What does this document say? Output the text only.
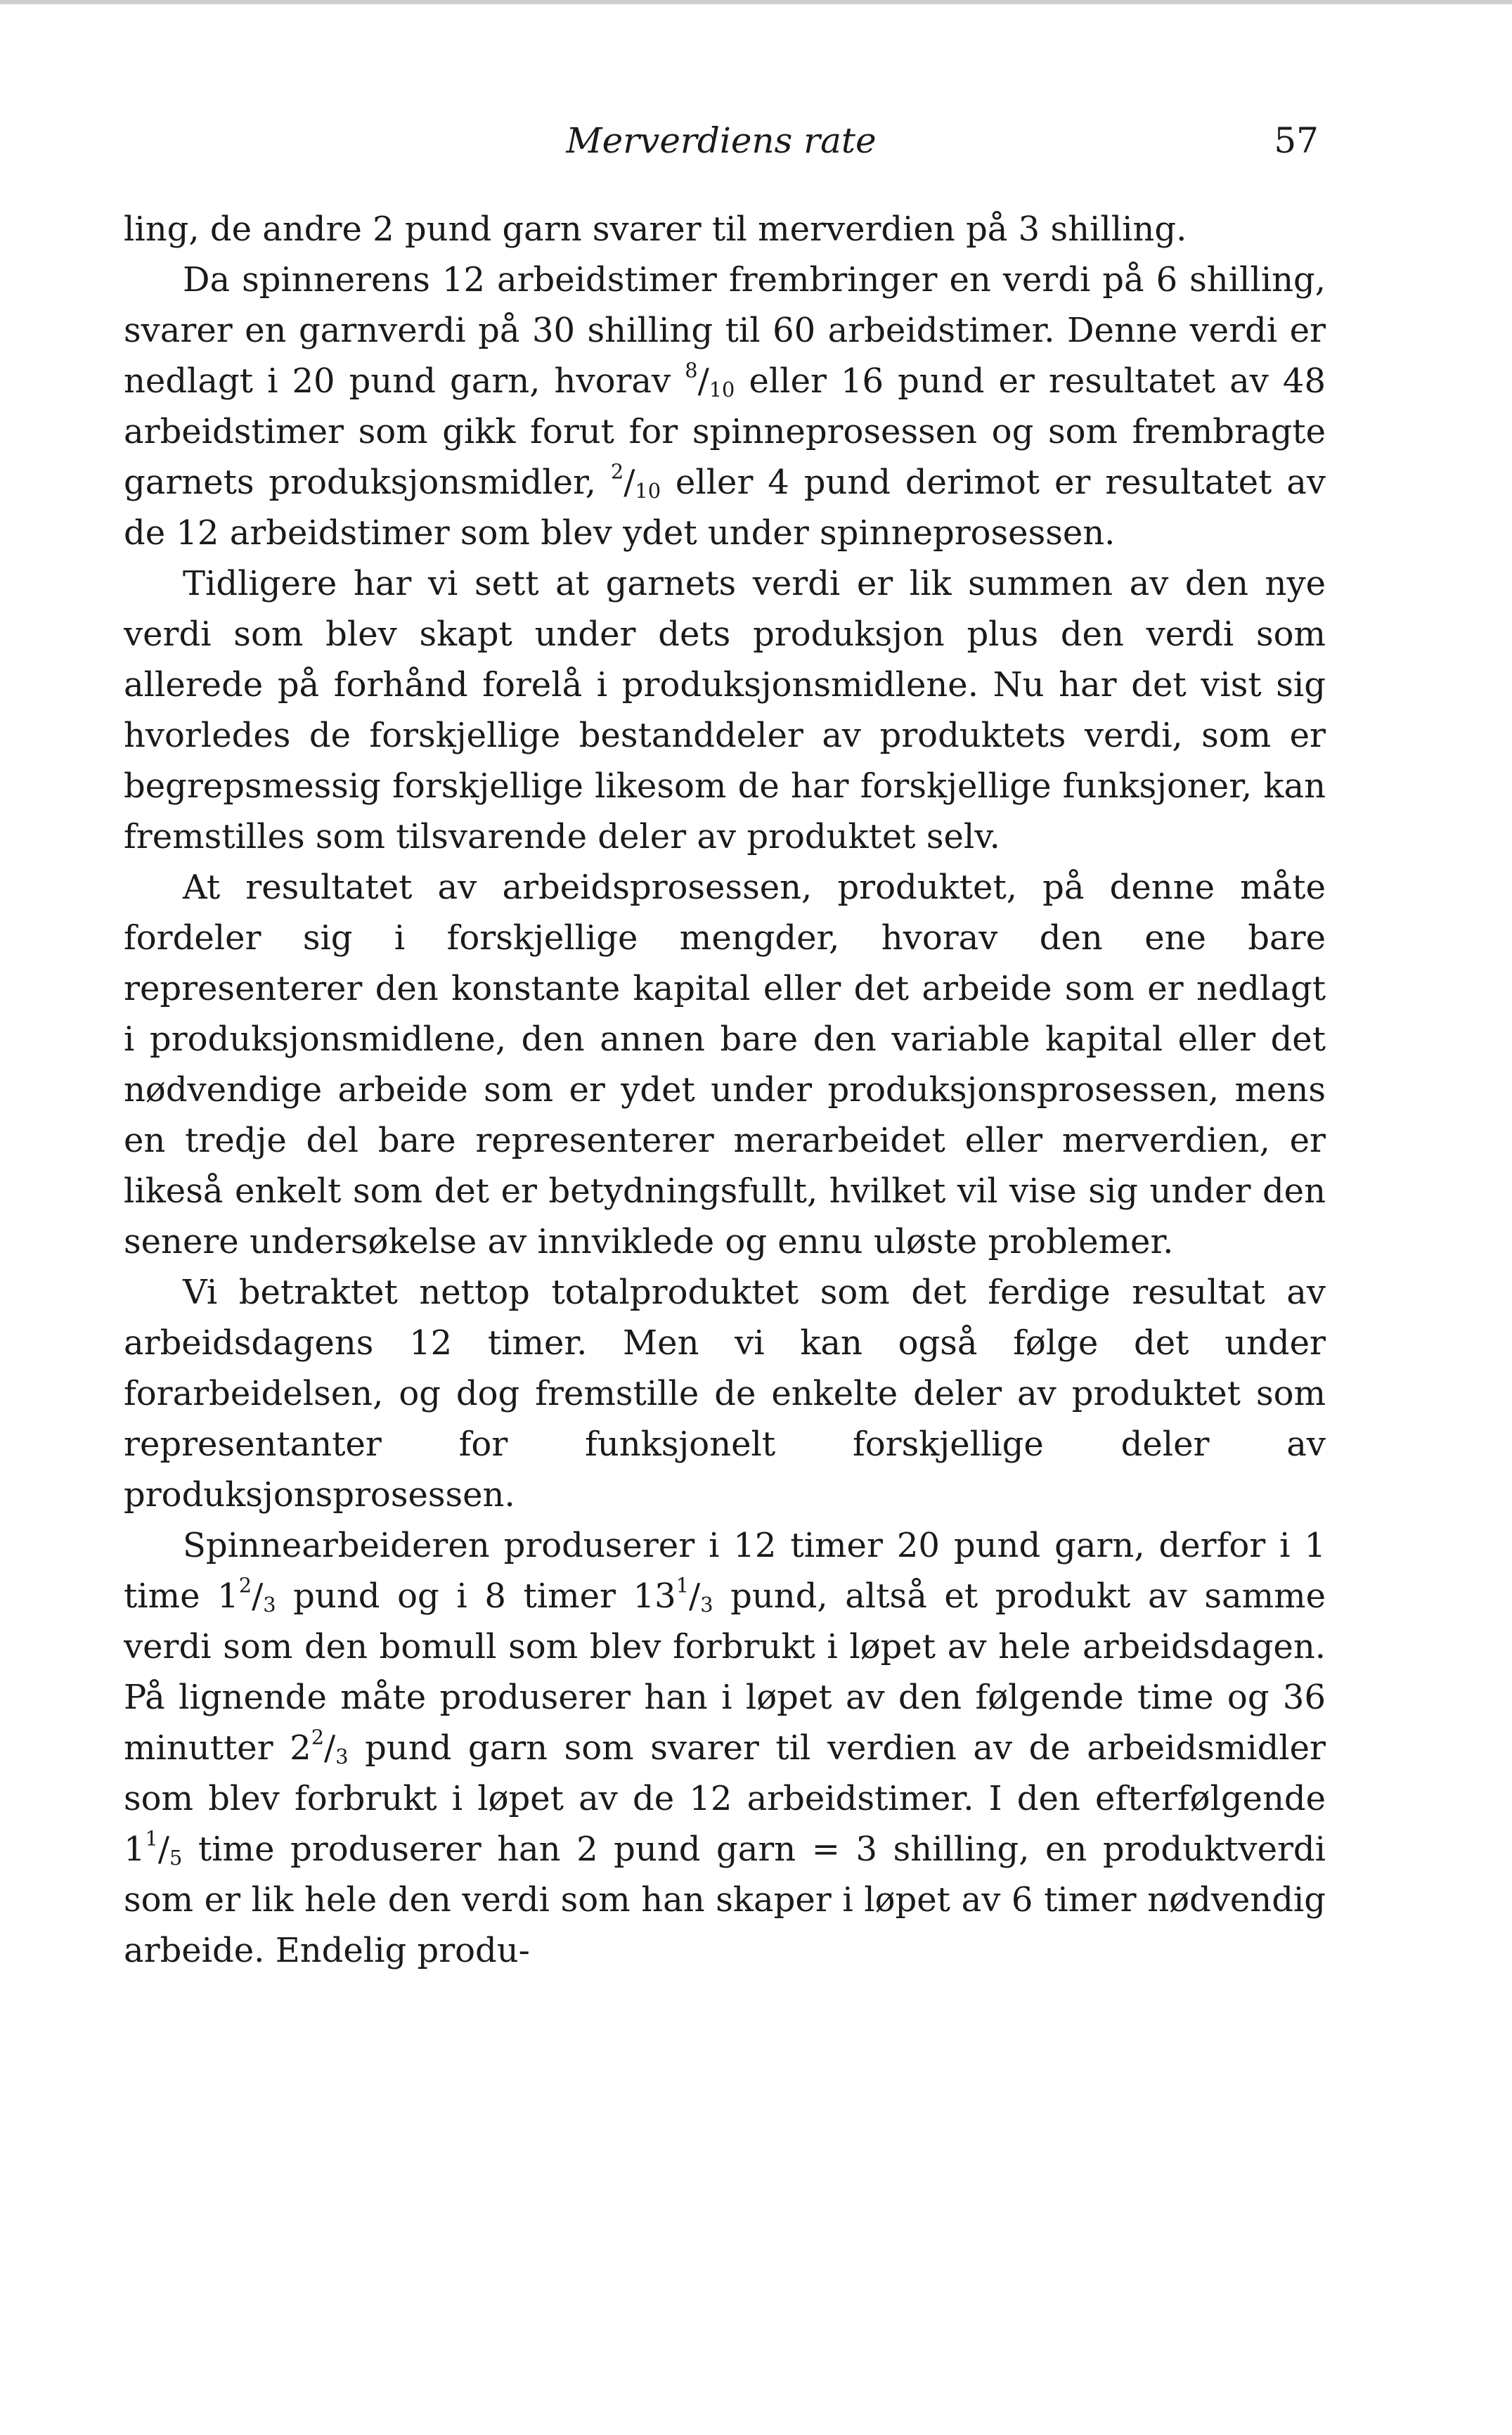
Merverdiens rate	57

ling, de andre 2 pund garn svarer til merverdien på 3 shilling.

Da spinnerens 12 arbeidstimer frembringer en verdi på 6 shilling, svarer en garnverdi på 30 shilling til 60 arbeidstimer. Denne verdi er nedlagt i 20 pund garn, hvorav $^8/_{10}$ eller 16 pund er resultatet av 48 arbeidstimer som gikk forut for spinneprosessen og som frembragte garnets produksjonsmidler, $^2/_{10}$ eller 4 pund derimot er resultatet av de 12 arbeidstimer som blev ydet under spinneprosessen.

Tidligere har vi sett at garnets verdi er lik summen av den nye verdi som blev skapt under dets produksjon plus den verdi som allerede på forhånd forelå i produksjonsmidlene. Nu har det vist sig hvorledes de forskjellige bestanddeler av produktets verdi, som er begrepsmessig forskjellige likesom de har forskjellige funksjoner, kan fremstilles som tilsvarende deler av produktet selv.

At resultatet av arbeidsprosessen, produktet, på denne måte fordeler sig i forskjellige mengder, hvorav den ene bare representerer den konstante kapital eller det arbeide som er nedlagt i produksjonsmidlene, den annen bare den variable kapital eller det nødvendige arbeide som er ydet under produksjonsprosessen, mens en tredje del bare representerer merarbeidet eller merverdien, er likeså enkelt som det er betydningsfullt, hvilket vil vise sig under den senere undersøkelse av innviklede og ennu uløste problemer.

Vi betraktet nettop totalproduktet som det ferdige resultat av arbeidsdagens 12 timer. Men vi kan også følge det under forarbeidelsen, og dog fremstille de enkelte deler av produktet som representanter for funksjonelt forskjellige deler av produksjonsprosessen.

Spinnearbeideren produserer i 12 timer 20 pund garn, derfor i 1 time $1^2/_3$ pund og i 8 timer $13^1/_3$ pund, altså et produkt av samme verdi som den bomull som blev forbrukt i løpet av hele arbeidsdagen. På lignende måte produserer han i løpet av den følgende time og 36 minutter $2^2/_3$ pund garn som svarer til verdien av de arbeidsmidler som blev forbrukt i løpet av de 12 arbeidstimer. I den efterfølgende $1^1/_5$ time produserer han 2 pund garn = 3 shilling, en produktverdi som er lik hele den verdi som han skaper i løpet av 6 timer nødvendig arbeide. Endelig produ-
